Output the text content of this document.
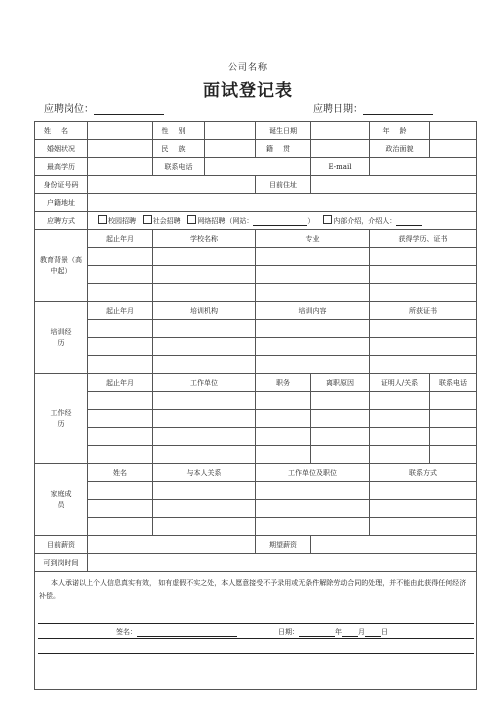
公司名称
面试登记表
应聘岗位：	应聘日期：
姓名		性别		诞生日期		年龄	
婚姻状况		民族		籍贯		政治面貌	
最高学历		联系电话			E-mail		
身份证号码				目前住址			
户籍地址							
应聘方式	校园招聘 社会招聘 网络招聘（网站： ） 内部介绍，介绍人：						
教育背景（高中起）	起止年月	学校名称		专业		获得学历、证书	

培训经历	起止年月	培训机构		培训内容		所获证书	

工作经历	起止年月	工作单位		职务	离职原因	证明人/关系	联系电话

家庭成员	姓名	与本人关系		工作单位及职位		联系方式	

目前薪资				期望薪资			
可到岗时间							

本人承诺以上个人信息真实有效， 如有虚假不实之处，本人愿意接受不予录用或无条件解除劳动合同的处理，并不能由此获得任何经济补偿。							

签名：	日期：	年 月 日
